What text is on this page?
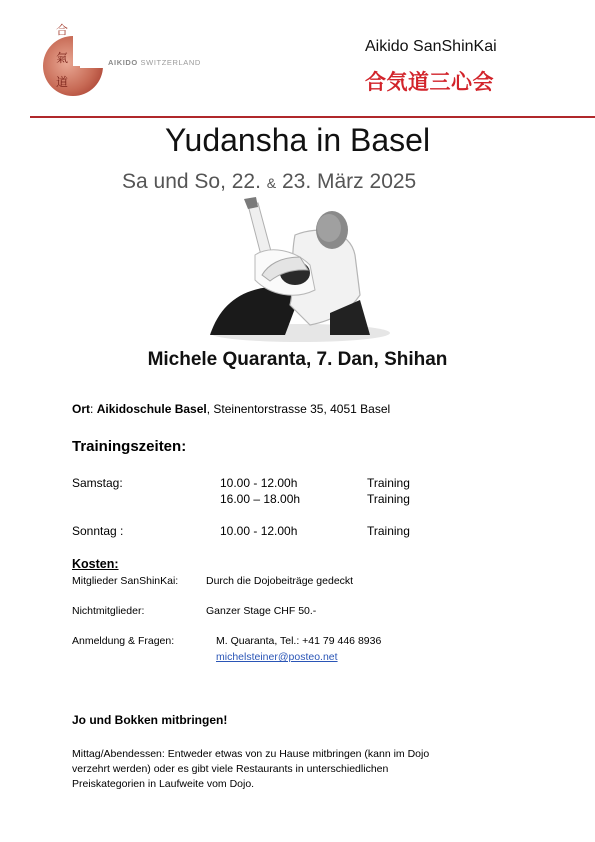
合
氣
道
AIKIDO SWITZERLAND
Aikido SanShinKai
合気道三心会
Yudansha in Basel
Sa und So, 22. & 23. März 2025
Michele Quaranta, 7. Dan, Shihan
Ort: Aikidoschule Basel, Steinentorstrasse 35, 4051 Basel
Trainingszeiten:
Samstag:	10.00 - 12.00h	Training
16.00 – 18.00h	Training
Sonntag :	10.00 - 12.00h	Training
Kosten:
Mitglieder SanShinKai:	Durch die Dojobeiträge gedeckt
Nichtmitglieder:	Ganzer Stage CHF 50.-
Anmeldung & Fragen:	M. Quaranta, Tel.: +41 79 446 8936
michelsteiner@posteo.net
Jo und Bokken mitbringen!
Mittag/Abendessen: Entweder etwas von zu Hause mitbringen (kann im Dojo
verzehrt werden) oder es gibt viele Restaurants in unterschiedlichen
Preiskategorien in Laufweite vom Dojo.
